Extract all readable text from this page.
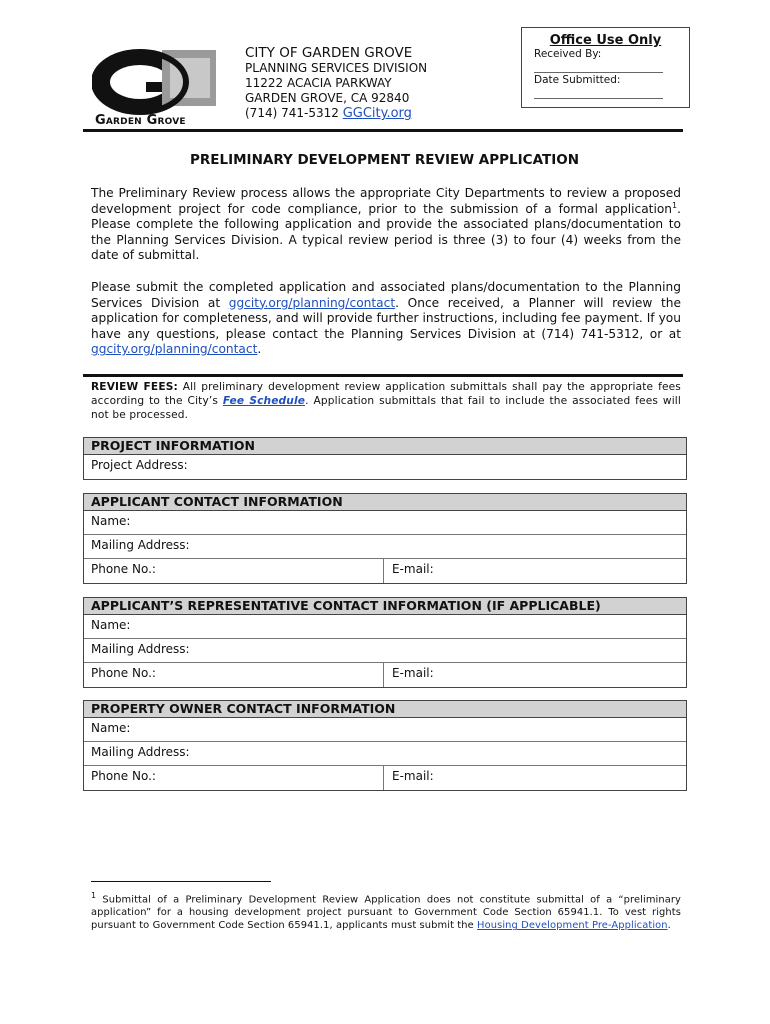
Garden Grove
CITY OF GARDEN GROVE
PLANNING SERVICES DIVISION
11222 ACACIA PARKWAY
GARDEN GROVE, CA 92840
(714) 741-5312 GGCity.org
Office Use Only
Received By:
Date Submitted:
PRELIMINARY DEVELOPMENT REVIEW APPLICATION
The Preliminary Review process allows the appropriate City Departments to review a proposed development project for code compliance, prior to the submission of a formal application$^1$. Please complete the following application and provide the associated plans/documentation to the Planning Services Division. A typical review period is three (3) to four (4) weeks from the date of submittal.
Please submit the completed application and associated plans/documentation to the Planning Services Division at ggcity.org/planning/contact. Once received, a Planner will review the application for completeness, and will provide further instructions, including fee payment. If you have any questions, please contact the Planning Services Division at (714) 741-5312, or at ggcity.org/planning/contact.
REVIEW FEES: All preliminary development review application submittals shall pay the appropriate fees according to the City’s Fee Schedule. Application submittals that fail to include the associated fees will not be processed.
PROJECT INFORMATION
Project Address:
APPLICANT CONTACT INFORMATION
Name:
Mailing Address:
Phone No.:	E-mail:
APPLICANT’S REPRESENTATIVE CONTACT INFORMATION (IF APPLICABLE)
Name:
Mailing Address:
Phone No.:	E-mail:
PROPERTY OWNER CONTACT INFORMATION
Name:
Mailing Address:
Phone No.:	E-mail:
$^1$ Submittal of a Preliminary Development Review Application does not constitute submittal of a “preliminary application” for a housing development project pursuant to Government Code Section 65941.1. To vest rights pursuant to Government Code Section 65941.1, applicants must submit the Housing Development Pre-Application.
